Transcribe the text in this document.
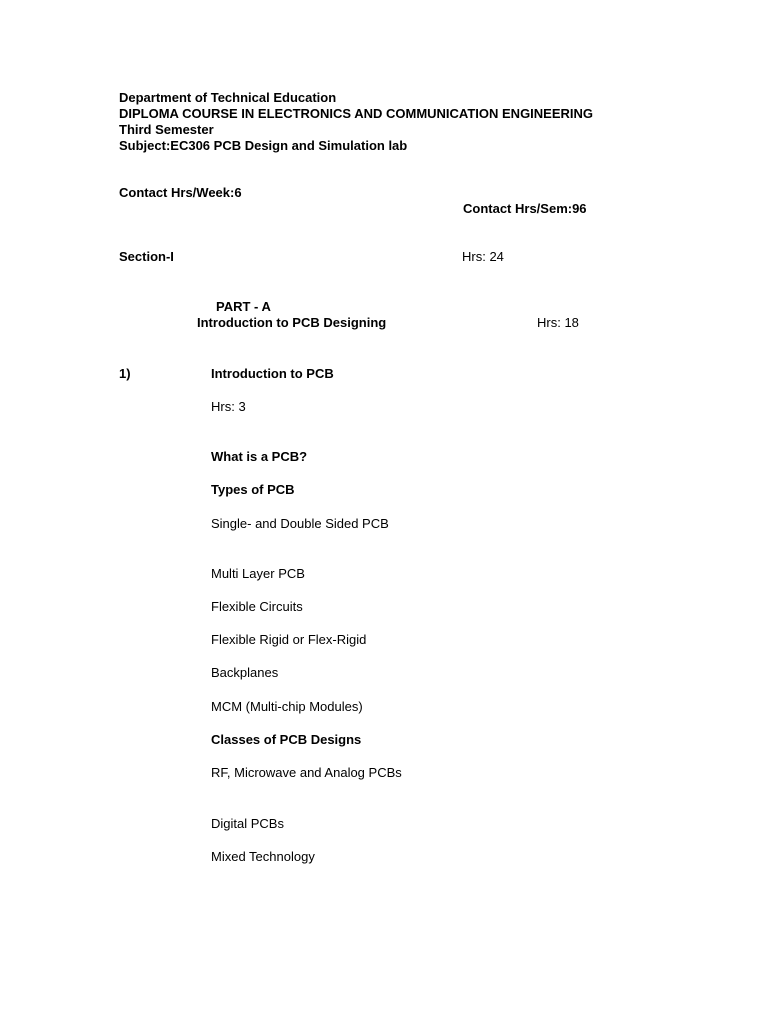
Department of Technical Education
DIPLOMA COURSE IN ELECTRONICS AND COMMUNICATION ENGINEERING
Third Semester
Subject:EC306 PCB Design and Simulation lab
Contact Hrs/Week:6
Contact Hrs/Sem:96
Section-I	Hrs: 24
PART - A
Introduction to PCB Designing	Hrs: 18
1)	Introduction to PCB
Hrs: 3
What is a PCB?
Types of PCB
Single- and Double Sided PCB
Multi Layer PCB
Flexible Circuits
Flexible Rigid or Flex-Rigid
Backplanes
MCM (Multi-chip Modules)
Classes of PCB Designs
RF, Microwave and Analog PCBs
Digital PCBs
Mixed Technology
